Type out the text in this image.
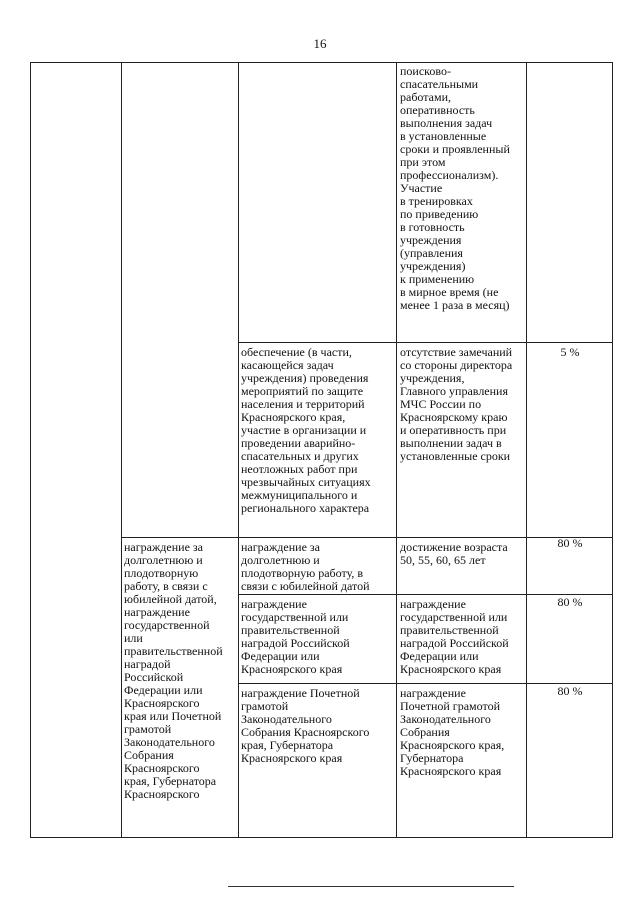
16
поисково-
спасательными
работами,
оперативность
выполнения задач
в установленные
сроки и проявленный
при этом
профессионализм).
Участие
в тренировках
по приведению
в готовность
учреждения
(управления
учреждения)
к применению
в мирное время (не
менее 1 раза в месяц)
обеспечение (в части,
касающейся задач
учреждения) проведения
мероприятий по защите
населения и территорий
Красноярского края,
участие в организации и
проведении аварийно-
спасательных и других
неотложных работ при
чрезвычайных ситуациях
межмуниципального и
регионального характера
отсутствие замечаний
со стороны директора
учреждения,
Главного управления
МЧС России по
Красноярскому краю
и оперативность при
выполнении задач в
установленные сроки
5 %
награждение за
долголетнюю и
плодотворную
работу, в связи с
юбилейной датой,
награждение
государственной
или
правительственной
наградой
Российской
Федерации или
Красноярского
края или Почетной
грамотой
Законодательного
Собрания
Красноярского
края, Губернатора
Красноярского
награждение за
долголетнюю и
плодотворную работу, в
связи с юбилейной датой
достижение возраста
50, 55, 60, 65 лет
80 %
награждение
государственной или
правительственной
наградой Российской
Федерации или
Красноярского края
награждение
государственной или
правительственной
наградой Российской
Федерации или
Красноярского края
80 %
награждение Почетной
грамотой
Законодательного
Собрания Красноярского
края, Губернатора
Красноярского края
награждение
Почетной грамотой
Законодательного
Собрания
Красноярского края,
Губернатора
Красноярского края
80 %
